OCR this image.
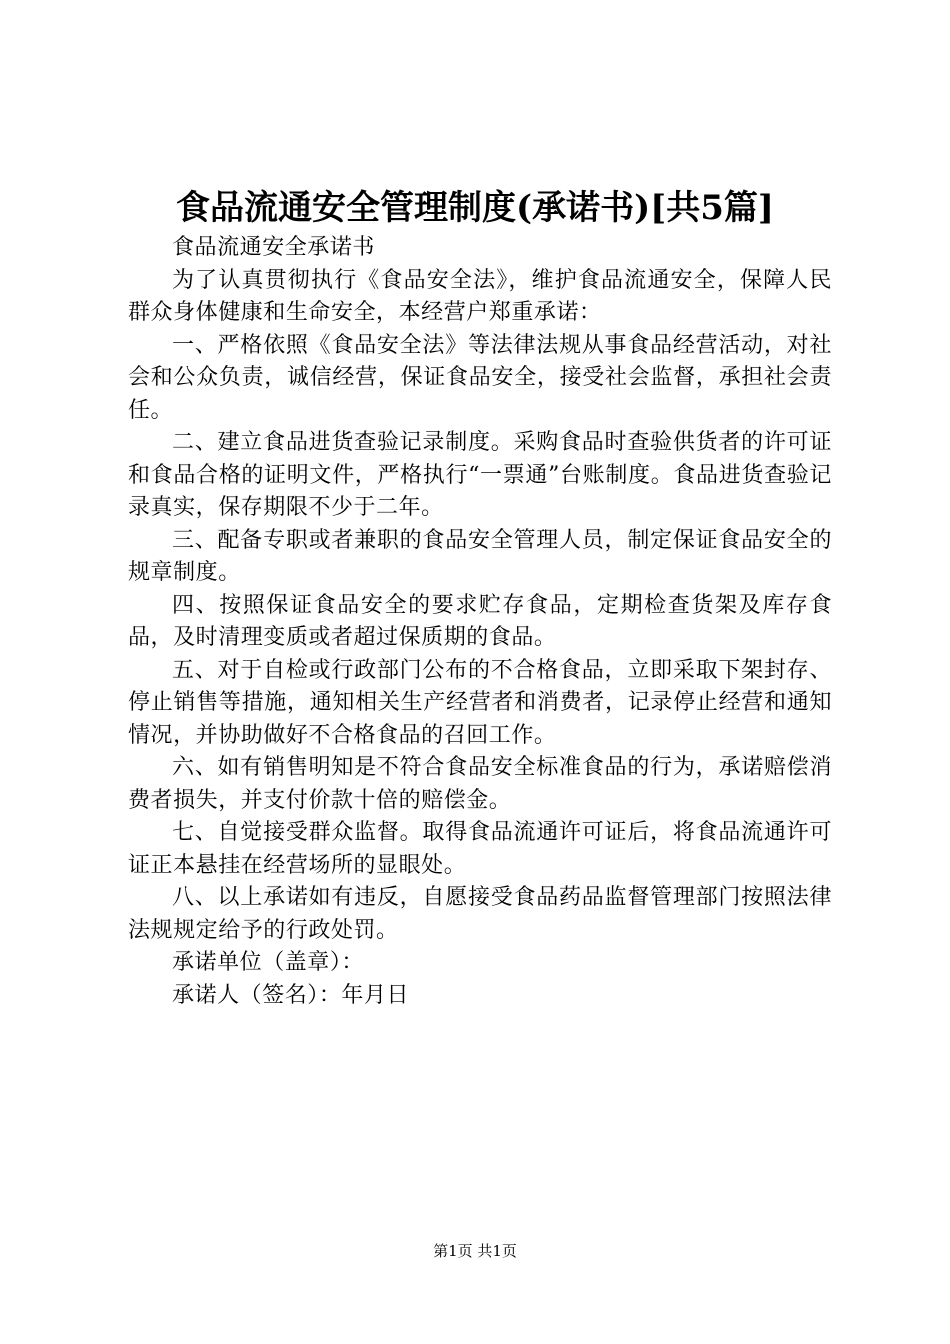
食品流通安全管理制度(承诺书)[共5篇]

食品流通安全承诺书

为了认真贯彻执行《食品安全法》，维护食品流通安全，保障人民群众身体健康和生命安全，本经营户郑重承诺：

一、严格依照《食品安全法》等法律法规从事食品经营活动，对社会和公众负责，诚信经营，保证食品安全，接受社会监督，承担社会责任。

二、建立食品进货查验记录制度。采购食品时查验供货者的许可证和食品合格的证明文件，严格执行“一票通”台账制度。食品进货查验记录真实，保存期限不少于二年。

三、配备专职或者兼职的食品安全管理人员，制定保证食品安全的规章制度。

四、按照保证食品安全的要求贮存食品，定期检查货架及库存食品，及时清理变质或者超过保质期的食品。

五、对于自检或行政部门公布的不合格食品，立即采取下架封存、停止销售等措施，通知相关生产经营者和消费者，记录停止经营和通知情况，并协助做好不合格食品的召回工作。

六、如有销售明知是不符合食品安全标准食品的行为，承诺赔偿消费者损失，并支付价款十倍的赔偿金。

七、自觉接受群众监督。取得食品流通许可证后，将食品流通许可证正本悬挂在经营场所的显眼处。

八、以上承诺如有违反，自愿接受食品药品监督管理部门按照法律法规规定给予的行政处罚。

承诺单位（盖章）：

承诺人（签名）：年月日

第1页 共1页
